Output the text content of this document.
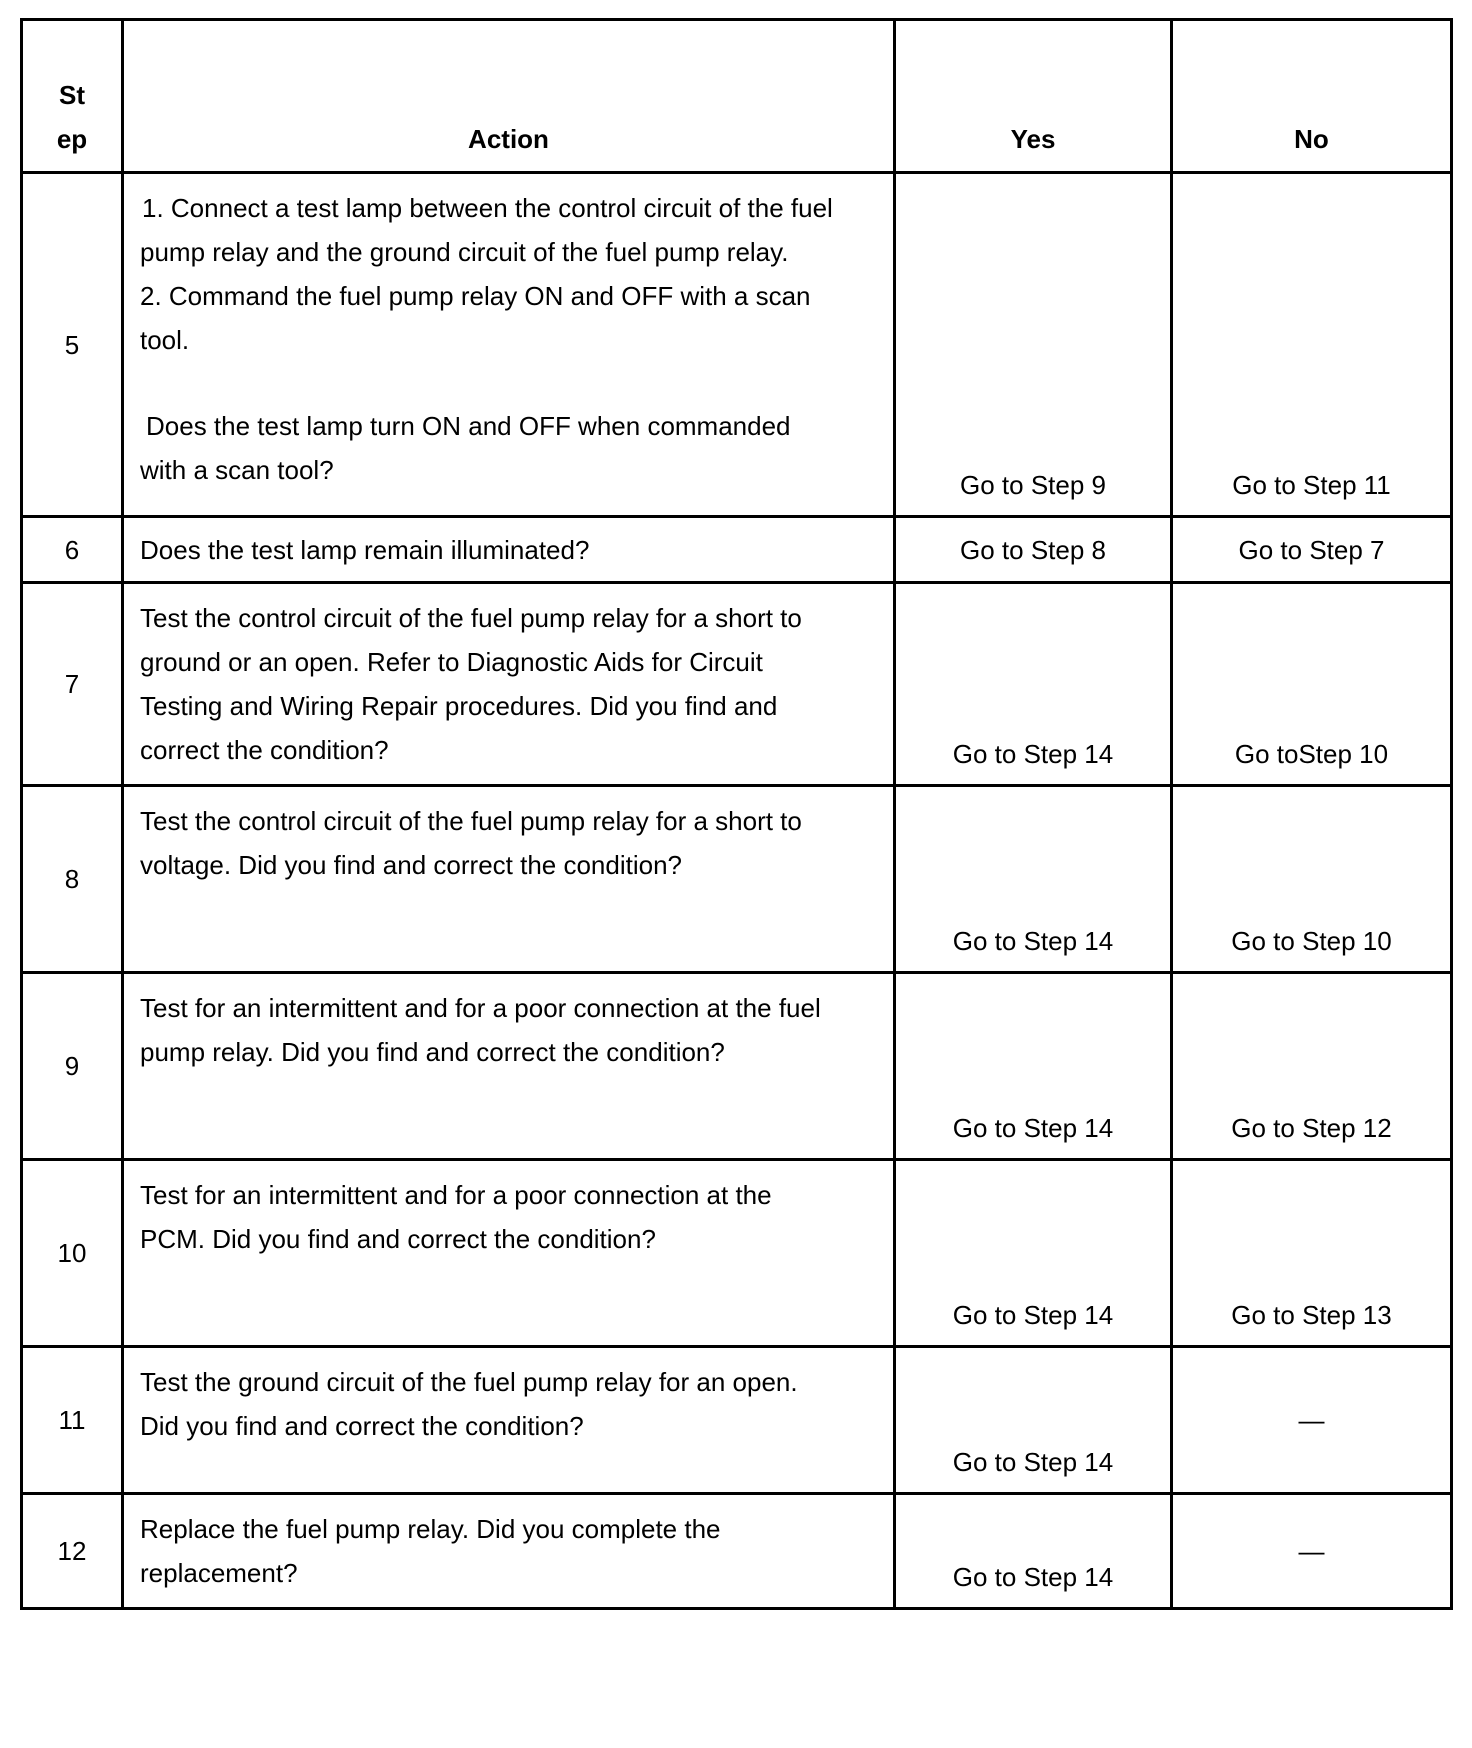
St
ep	Action	Yes	No
5	1. Connect a test lamp between the control circuit of the fuel pump relay and the ground circuit of the fuel pump relay.

2. Command the fuel pump relay ON and OFF with a scan tool.

Does the test lamp turn ON and OFF when commanded with a scan tool?	Go to Step 9	Go to Step 11
6	Does the test lamp remain illuminated?	Go to Step 8	Go to Step 7
7	Test the control circuit of the fuel pump relay for a short to ground or an open. Refer to Diagnostic Aids for Circuit Testing and Wiring Repair procedures. Did you find and correct the condition?	Go to Step 14	Go toStep 10
8	Test the control circuit of the fuel pump relay for a short to voltage. Did you find and correct the condition?	Go to Step 14	Go to Step 10
9	Test for an intermittent and for a poor connection at the fuel pump relay. Did you find and correct the condition?	Go to Step 14	Go to Step 12
10	Test for an intermittent and for a poor connection at the PCM. Did you find and correct the condition?	Go to Step 14	Go to Step 13
11	Test the ground circuit of the fuel pump relay for an open. Did you find and correct the condition?	Go to Step 14	—
12	Replace the fuel pump relay. Did you complete the replacement?	Go to Step 14	—
